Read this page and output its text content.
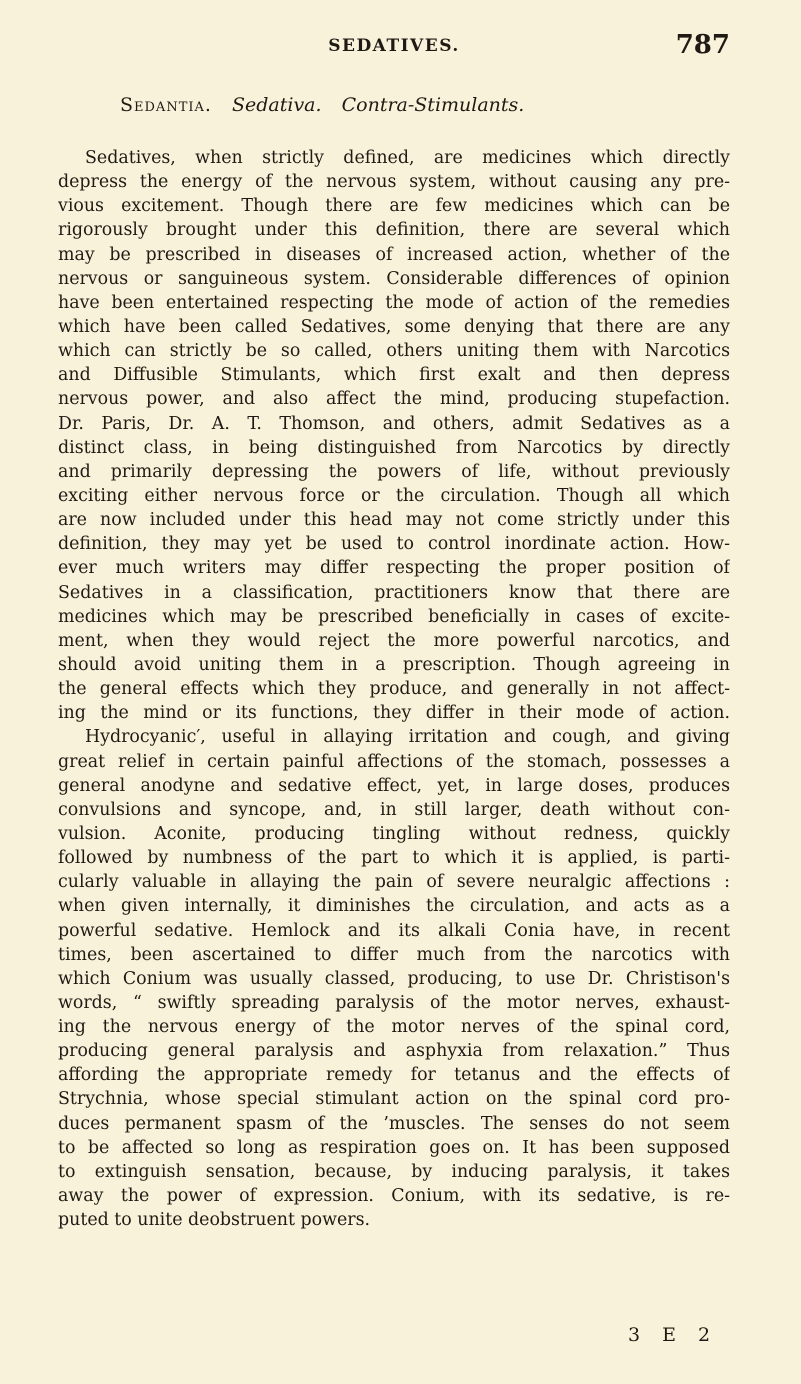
SEDATIVES.	787
Sedantia. Sedativa. Contra-Stimulants.
Sedatives, when strictly defined, are medicines which directly
depress the energy of the nervous system, without causing any pre-
vious excitement. Though there are few medicines which can be
rigorously brought under this definition, there are several which
may be prescribed in diseases of increased action, whether of the
nervous or sanguineous system. Considerable differences of opinion
have been entertained respecting the mode of action of the remedies
which have been called Sedatives, some denying that there are any
which can strictly be so called, others uniting them with Narcotics
and Diffusible Stimulants, which first exalt and then depress
nervous power, and also affect the mind, producing stupefaction.
Dr. Paris, Dr. A. T. Thomson, and others, admit Sedatives as a
distinct class, in being distinguished from Narcotics by directly
and primarily depressing the powers of life, without previously
exciting either nervous force or the circulation. Though all which
are now included under this head may not come strictly under this
definition, they may yet be used to control inordinate action. How-
ever much writers may differ respecting the proper position of
Sedatives in a classification, practitioners know that there are
medicines which may be prescribed beneficially in cases of excite-
ment, when they would reject the more powerful narcotics, and
should avoid uniting them in a prescription. Though agreeing in
the general effects which they produce, and generally in not affect-
ing the mind or its functions, they differ in their mode of action.
Hydrocyanic′, useful in allaying irritation and cough, and giving
great relief in certain painful affections of the stomach, possesses a
general anodyne and sedative effect, yet, in large doses, produces
convulsions and syncope, and, in still larger, death without con-
vulsion. Aconite, producing tingling without redness, quickly
followed by numbness of the part to which it is applied, is parti-
cularly valuable in allaying the pain of severe neuralgic affections :
when given internally, it diminishes the circulation, and acts as a
powerful sedative. Hemlock and its alkali Conia have, in recent
times, been ascertained to differ much from the narcotics with
which Conium was usually classed, producing, to use Dr. Christison's
words, “ swiftly spreading paralysis of the motor nerves, exhaust-
ing the nervous energy of the motor nerves of the spinal cord,
producing general paralysis and asphyxia from relaxation.” Thus
affording the appropriate remedy for tetanus and the effects of
Strychnia, whose special stimulant action on the spinal cord pro-
duces permanent spasm of the ’muscles. The senses do not seem
to be affected so long as respiration goes on. It has been supposed
to extinguish sensation, because, by inducing paralysis, it takes
away the power of expression. Conium, with its sedative, is re-
puted to unite deobstruent powers.
3 E 2
